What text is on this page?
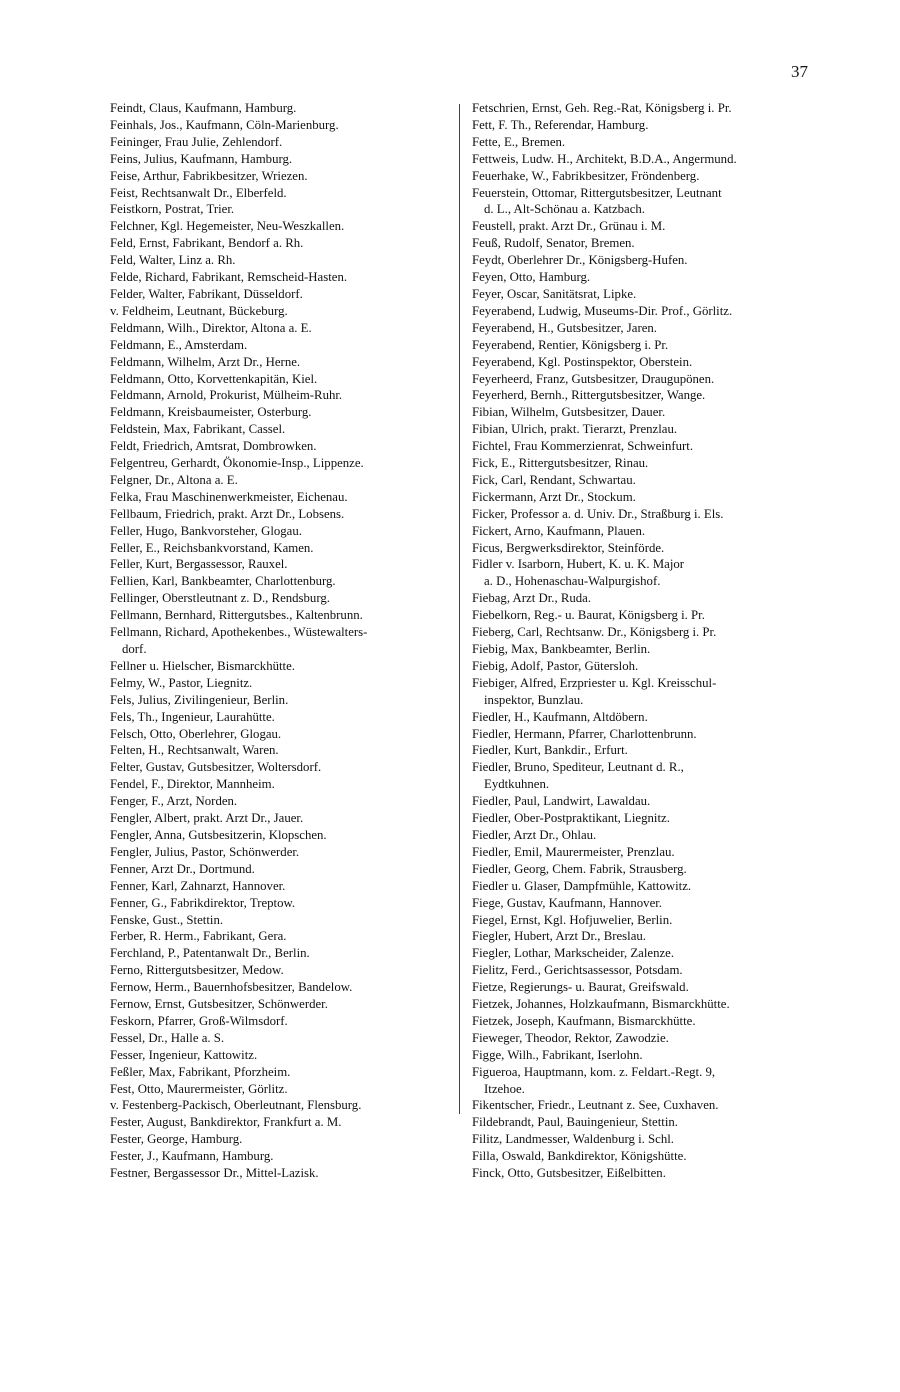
37
Feindt, Claus, Kaufmann, Hamburg.
Feinhals, Jos., Kaufmann, Cöln-Marienburg.
Feininger, Frau Julie, Zehlendorf.
Feins, Julius, Kaufmann, Hamburg.
Feise, Arthur, Fabrikbesitzer, Wriezen.
Feist, Rechtsanwalt Dr., Elberfeld.
Feistkorn, Postrat, Trier.
Felchner, Kgl. Hegemeister, Neu-Weszkallen.
Feld, Ernst, Fabrikant, Bendorf a. Rh.
Feld, Walter, Linz a. Rh.
Felde, Richard, Fabrikant, Remscheid-Hasten.
Felder, Walter, Fabrikant, Düsseldorf.
v. Feldheim, Leutnant, Bückeburg.
Feldmann, Wilh., Direktor, Altona a. E.
Feldmann, E., Amsterdam.
Feldmann, Wilhelm, Arzt Dr., Herne.
Feldmann, Otto, Korvettenkapitän, Kiel.
Feldmann, Arnold, Prokurist, Mülheim-Ruhr.
Feldmann, Kreisbaumeister, Osterburg.
Feldstein, Max, Fabrikant, Cassel.
Feldt, Friedrich, Amtsrat, Dombrowken.
Felgentreu, Gerhardt, Ökonomie-Insp., Lippenze.
Felgner, Dr., Altona a. E.
Felka, Frau Maschinenwerkmeister, Eichenau.
Fellbaum, Friedrich, prakt. Arzt Dr., Lobsens.
Feller, Hugo, Bankvorsteher, Glogau.
Feller, E., Reichsbankvorstand, Kamen.
Feller, Kurt, Bergassessor, Rauxel.
Fellien, Karl, Bankbeamter, Charlottenburg.
Fellinger, Oberstleutnant z. D., Rendsburg.
Fellmann, Bernhard, Rittergutsbes., Kaltenbrunn.
Fellmann, Richard, Apothekenbes., Wüstewalters-
dorf.
Fellner u. Hielscher, Bismarckhütte.
Felmy, W., Pastor, Liegnitz.
Fels, Julius, Zivilingenieur, Berlin.
Fels, Th., Ingenieur, Laurahütte.
Felsch, Otto, Oberlehrer, Glogau.
Felten, H., Rechtsanwalt, Waren.
Felter, Gustav, Gutsbesitzer, Woltersdorf.
Fendel, F., Direktor, Mannheim.
Fenger, F., Arzt, Norden.
Fengler, Albert, prakt. Arzt Dr., Jauer.
Fengler, Anna, Gutsbesitzerin, Klopschen.
Fengler, Julius, Pastor, Schönwerder.
Fenner, Arzt Dr., Dortmund.
Fenner, Karl, Zahnarzt, Hannover.
Fenner, G., Fabrikdirektor, Treptow.
Fenske, Gust., Stettin.
Ferber, R. Herm., Fabrikant, Gera.
Ferchland, P., Patentanwalt Dr., Berlin.
Ferno, Rittergutsbesitzer, Medow.
Fernow, Herm., Bauernhofsbesitzer, Bandelow.
Fernow, Ernst, Gutsbesitzer, Schönwerder.
Feskorn, Pfarrer, Groß-Wilmsdorf.
Fessel, Dr., Halle a. S.
Fesser, Ingenieur, Kattowitz.
Feßler, Max, Fabrikant, Pforzheim.
Fest, Otto, Maurermeister, Görlitz.
v. Festenberg-Packisch, Oberleutnant, Flensburg.
Fester, August, Bankdirektor, Frankfurt a. M.
Fester, George, Hamburg.
Fester, J., Kaufmann, Hamburg.
Festner, Bergassessor Dr., Mittel-Lazisk.
Fetschrien, Ernst, Geh. Reg.-Rat, Königsberg i. Pr.
Fett, F. Th., Referendar, Hamburg.
Fette, E., Bremen.
Fettweis, Ludw. H., Architekt, B.D.A., Angermund.
Feuerhake, W., Fabrikbesitzer, Fröndenberg.
Feuerstein, Ottomar, Rittergutsbesitzer, Leutnant
d. L., Alt-Schönau a. Katzbach.
Feustell, prakt. Arzt Dr., Grünau i. M.
Feuß, Rudolf, Senator, Bremen.
Feydt, Oberlehrer Dr., Königsberg-Hufen.
Feyen, Otto, Hamburg.
Feyer, Oscar, Sanitätsrat, Lipke.
Feyerabend, Ludwig, Museums-Dir. Prof., Görlitz.
Feyerabend, H., Gutsbesitzer, Jaren.
Feyerabend, Rentier, Königsberg i. Pr.
Feyerabend, Kgl. Postinspektor, Oberstein.
Feyerheerd, Franz, Gutsbesitzer, Draugupönen.
Feyerherd, Bernh., Rittergutsbesitzer, Wange.
Fibian, Wilhelm, Gutsbesitzer, Dauer.
Fibian, Ulrich, prakt. Tierarzt, Prenzlau.
Fichtel, Frau Kommerzienrat, Schweinfurt.
Fick, E., Rittergutsbesitzer, Rinau.
Fick, Carl, Rendant, Schwartau.
Fickermann, Arzt Dr., Stockum.
Ficker, Professor a. d. Univ. Dr., Straßburg i. Els.
Fickert, Arno, Kaufmann, Plauen.
Ficus, Bergwerksdirektor, Steinförde.
Fidler v. Isarborn, Hubert, K. u. K. Major
a. D., Hohenaschau-Walpurgishof.
Fiebag, Arzt Dr., Ruda.
Fiebelkorn, Reg.- u. Baurat, Königsberg i. Pr.
Fieberg, Carl, Rechtsanw. Dr., Königsberg i. Pr.
Fiebig, Max, Bankbeamter, Berlin.
Fiebig, Adolf, Pastor, Gütersloh.
Fiebiger, Alfred, Erzpriester u. Kgl. Kreisschul-
inspektor, Bunzlau.
Fiedler, H., Kaufmann, Altdöbern.
Fiedler, Hermann, Pfarrer, Charlottenbrunn.
Fiedler, Kurt, Bankdir., Erfurt.
Fiedler, Bruno, Spediteur, Leutnant d. R.,
Eydtkuhnen.
Fiedler, Paul, Landwirt, Lawaldau.
Fiedler, Ober-Postpraktikant, Liegnitz.
Fiedler, Arzt Dr., Ohlau.
Fiedler, Emil, Maurermeister, Prenzlau.
Fiedler, Georg, Chem. Fabrik, Strausberg.
Fiedler u. Glaser, Dampfmühle, Kattowitz.
Fiege, Gustav, Kaufmann, Hannover.
Fiegel, Ernst, Kgl. Hofjuwelier, Berlin.
Fiegler, Hubert, Arzt Dr., Breslau.
Fiegler, Lothar, Markscheider, Zalenze.
Fielitz, Ferd., Gerichtsassessor, Potsdam.
Fietze, Regierungs- u. Baurat, Greifswald.
Fietzek, Johannes, Holzkaufmann, Bismarckhütte.
Fietzek, Joseph, Kaufmann, Bismarckhütte.
Fieweger, Theodor, Rektor, Zawodzie.
Figge, Wilh., Fabrikant, Iserlohn.
Figueroa, Hauptmann, kom. z. Feldart.-Regt. 9,
Itzehoe.
Fikentscher, Friedr., Leutnant z. See, Cuxhaven.
Fildebrandt, Paul, Bauingenieur, Stettin.
Filitz, Landmesser, Waldenburg i. Schl.
Filla, Oswald, Bankdirektor, Königshütte.
Finck, Otto, Gutsbesitzer, Eißelbitten.
